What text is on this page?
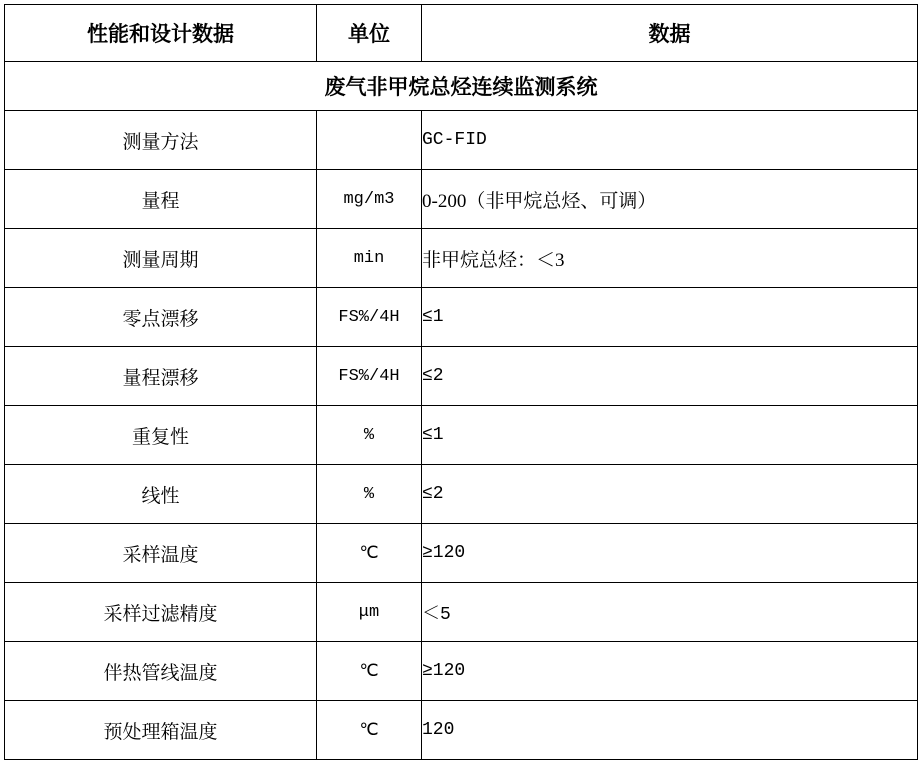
性能和设计数据	单位	数据
废气非甲烷总烃连续监测系统		
测量方法		GC-FID
量程	mg/m3	0-200（非甲烷总烃、可调）
测量周期	min	非甲烷总烃：＜3
零点漂移	FS%/4H	≤1
量程漂移	FS%/4H	≤2
重复性	%	≤1
线性	%	≤2
采样温度	℃	≥120
采样过滤精度	μm	＜5
伴热管线温度	℃	≥120
预处理箱温度	℃	120
